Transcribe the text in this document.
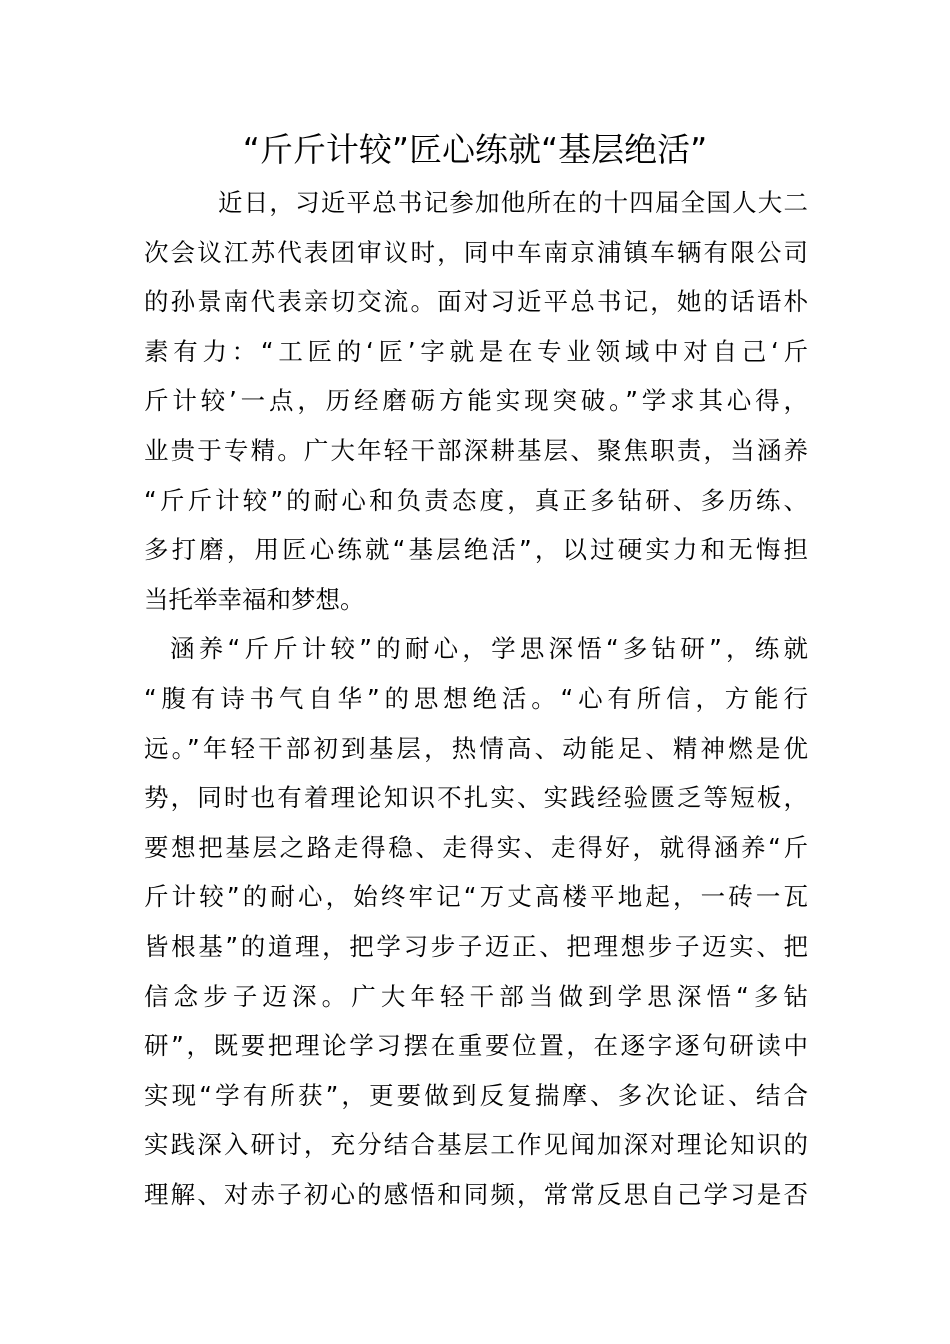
“斤斤计较”匠心练就“基层绝活”
近日，习近平总书记参加他所在的十四届全国人大二
次会议江苏代表团审议时，同中车南京浦镇车辆有限公司
的孙景南代表亲切交流。面对习近平总书记，她的话语朴
素有力：“工匠的‘匠’字就是在专业领域中对自己‘斤
斤计较’一点，历经磨砺方能实现突破。”学求其心得，
业贵于专精。广大年轻干部深耕基层、聚焦职责，当涵养
“斤斤计较”的耐心和负责态度，真正多钻研、多历练、
多打磨，用匠心练就“基层绝活”，以过硬实力和无悔担
当托举幸福和梦想。
涵养“斤斤计较”的耐心，学思深悟“多钻研”，练就
“腹有诗书气自华”的思想绝活。“心有所信，方能行
远。”年轻干部初到基层，热情高、动能足、精神燃是优
势，同时也有着理论知识不扎实、实践经验匮乏等短板，
要想把基层之路走得稳、走得实、走得好，就得涵养“斤
斤计较”的耐心，始终牢记“万丈高楼平地起，一砖一瓦
皆根基”的道理，把学习步子迈正、把理想步子迈实、把
信念步子迈深。广大年轻干部当做到学思深悟“多钻
研”，既要把理论学习摆在重要位置，在逐字逐句研读中
实现“学有所获”，更要做到反复揣摩、多次论证、结合
实践深入研讨，充分结合基层工作见闻加深对理论知识的
理解、对赤子初心的感悟和同频，常常反思自己学习是否
